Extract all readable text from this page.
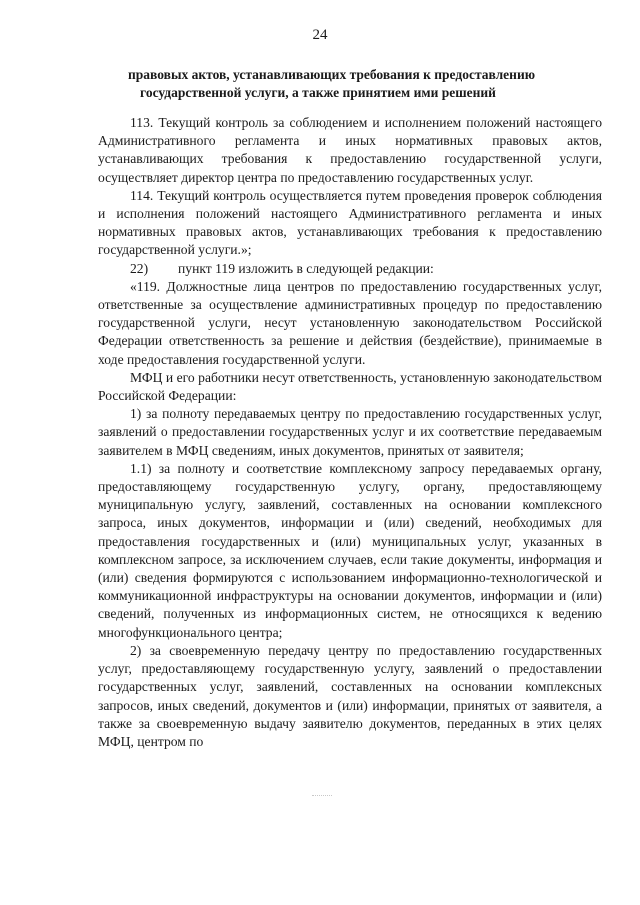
24
правовых актов, устанавливающих требования к предоставлению
государственной услуги, а также принятием ими решений

113. Текущий контроль за соблюдением и исполнением положений настоящего Административного регламента и иных нормативных правовых актов, устанавливающих требования к предоставлению государственной услуги, осуществляет директор центра по предоставлению государственных услуг.

114. Текущий контроль осуществляется путем проведения проверок соблюдения и исполнения положений настоящего Административного регламента и иных нормативных правовых актов, устанавливающих требования к предоставлению государственной услуги.»;

22) пункт 119 изложить в следующей редакции:

«119. Должностные лица центров по предоставлению государственных услуг, ответственные за осуществление административных процедур по предоставлению государственной услуги, несут установленную законодательством Российской Федерации ответственность за решение и действия (бездействие), принимаемые в ходе предоставления государственной услуги.

МФЦ и его работники несут ответственность, установленную законодательством Российской Федерации:

1) за полноту передаваемых центру по предоставлению государственных услуг, заявлений о предоставлении государственных услуг и их соответствие передаваемым заявителем в МФЦ сведениям, иных документов, принятых от заявителя;

1.1) за полноту и соответствие комплексному запросу передаваемых органу, предоставляющему государственную услугу, органу, предоставляющему муниципальную услугу, заявлений, составленных на основании комплексного запроса, иных документов, информации и (или) сведений, необходимых для предоставления государственных и (или) муниципальных услуг, указанных в комплексном запросе, за исключением случаев, если такие документы, информация и (или) сведения формируются с использованием информационно-технологической и коммуникационной инфраструктуры на основании документов, информации и (или) сведений, полученных из информационных систем, не относящихся к ведению многофункционального центра;

2) за своевременную передачу центру по предоставлению государственных услуг, предоставляющему государственную услугу, заявлений о предоставлении государственных услуг, заявлений, составленных на основании комплексных запросов, иных сведений, документов и (или) информации, принятых от заявителя, а также за своевременную выдачу заявителю документов, переданных в этих целях МФЦ, центром по
